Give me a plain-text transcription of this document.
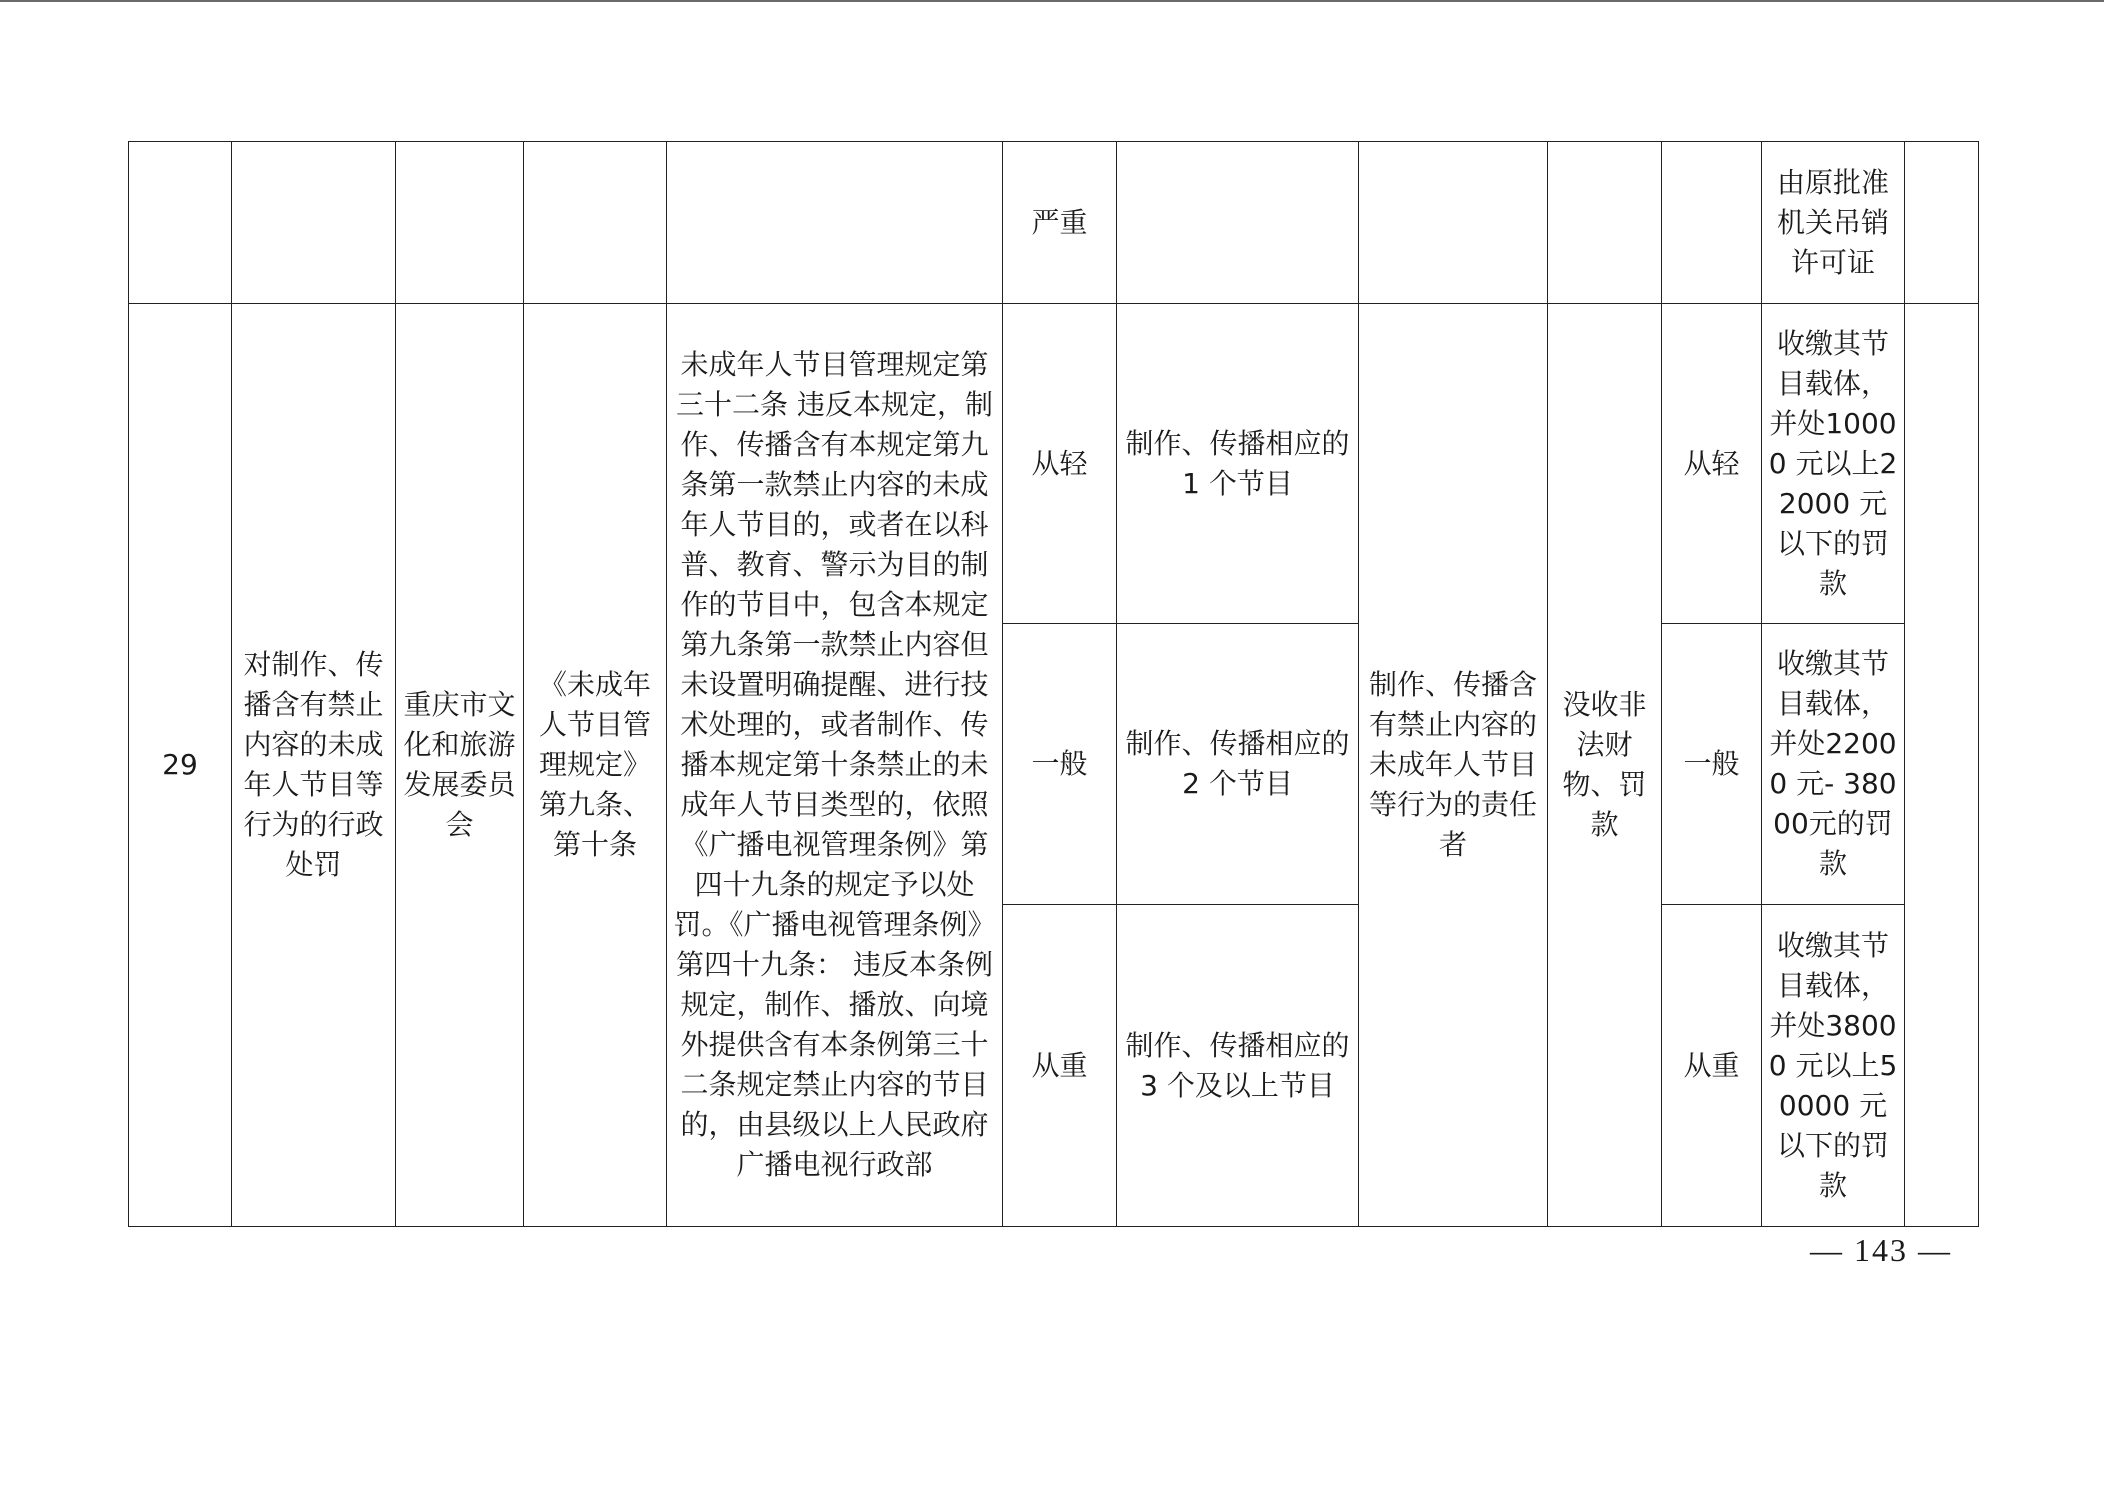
					严重					由原批准机关吊销许可证	

29	对制作、传播含有禁止内容的未成年人节目等行为的行政处罚	重庆市文化和旅游发展委员会	《未成年人节目管理规定》第九条、第十条	未成年人节目管理规定第三十二条 违反本规定，制作、传播含有本规定第九条第一款禁止内容的未成年人节目的，或者在以科普、教育、警示为目的制作的节目中，包含本规定第九条第一款禁止内容但未设置明确提醒、进行技术处理的，或者制作、传播本规定第十条禁止的未成年人节目类型的，依照《广播电视管理条例》第四十九条的规定予以处罚。《广播电视管理条例》第四十九条： 违反本条例规定，制作、播放、向境外提供含有本条例第三十二条规定禁止内容的节目的，由县级以上人民政府广播电视行政部	从轻	制作、传播相应的 1 个节目	制作、传播含有禁止内容的未成年人节目等行为的责任者	没收非法财物、罚款	从轻	收缴其节目载体，并处10000 元以上22000 元以下的罚款	

					一般	制作、传播相应的 2 个节目			一般	收缴其节目载体，并处22000 元- 38000元的罚款	

					从重	制作、传播相应的 3 个及以上节目			从重	收缴其节目载体，并处38000 元以上50000 元以下的罚款	
— 143 —
